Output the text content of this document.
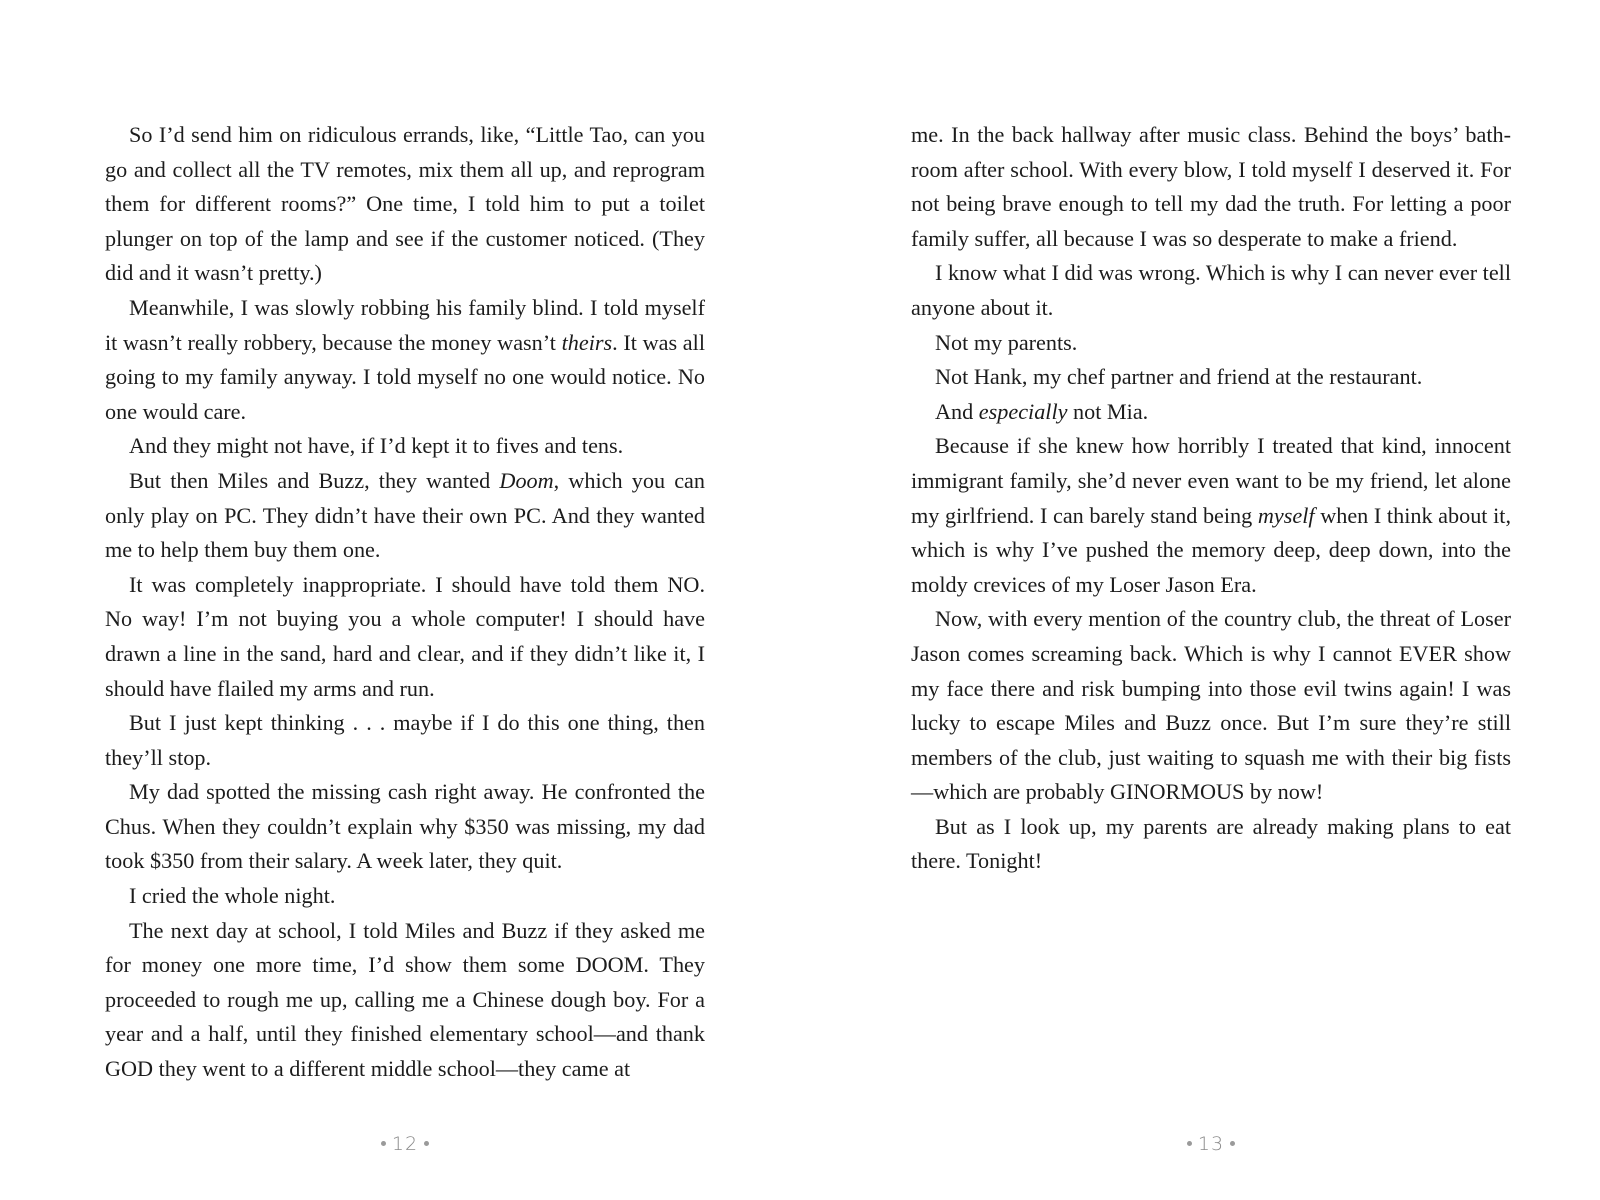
So I’d send him on ridiculous errands, like, “Little Tao, can you go and collect all the TV remotes, mix them all up, and reprogram them for different rooms?” One time, I told him to put a toilet plunger on top of the lamp and see if the customer noticed. (They did and it wasn’t pretty.)

Meanwhile, I was slowly robbing his family blind. I told myself it wasn’t really robbery, because the money wasn’t theirs. It was all going to my family anyway. I told myself no one would notice. No one would care.

And they might not have, if I’d kept it to fives and tens.

But then Miles and Buzz, they wanted Doom, which you can only play on PC. They didn’t have their own PC. And they wanted me to help them buy them one.

It was completely inappropriate. I should have told them NO. No way! I’m not buying you a whole computer! I should have drawn a line in the sand, hard and clear, and if they didn’t like it, I should have flailed my arms and run.

But I just kept thinking . . . maybe if I do this one thing, then they’ll stop.

My dad spotted the missing cash right away. He confronted the Chus. When they couldn’t explain why $350 was missing, my dad took $350 from their salary. A week later, they quit.

I cried the whole night.

The next day at school, I told Miles and Buzz if they asked me for money one more time, I’d show them some DOOM. They proceeded to rough me up, calling me a Chinese dough boy. For a year and a half, until they finished elementary school—and thank GOD they went to a different middle school—they came at

me. In the back hallway after music class. Behind the boys’ bathroom after school. With every blow, I told myself I deserved it. For not being brave enough to tell my dad the truth. For letting a poor family suffer, all because I was so desperate to make a friend.

I know what I did was wrong. Which is why I can never ever tell anyone about it.

Not my parents.

Not Hank, my chef partner and friend at the restaurant.

And especially not Mia.

Because if she knew how horribly I treated that kind, innocent immigrant family, she’d never even want to be my friend, let alone my girlfriend. I can barely stand being myself when I think about it, which is why I’ve pushed the memory deep, deep down, into the moldy crevices of my Loser Jason Era.

Now, with every mention of the country club, the threat of Loser Jason comes screaming back. Which is why I cannot EVER show my face there and risk bumping into those evil twins again! I was lucky to escape Miles and Buzz once. But I’m sure they’re still members of the club, just waiting to squash me with their big fists—which are probably GINORMOUS by now!

But as I look up, my parents are already making plans to eat there. Tonight!

12	13
